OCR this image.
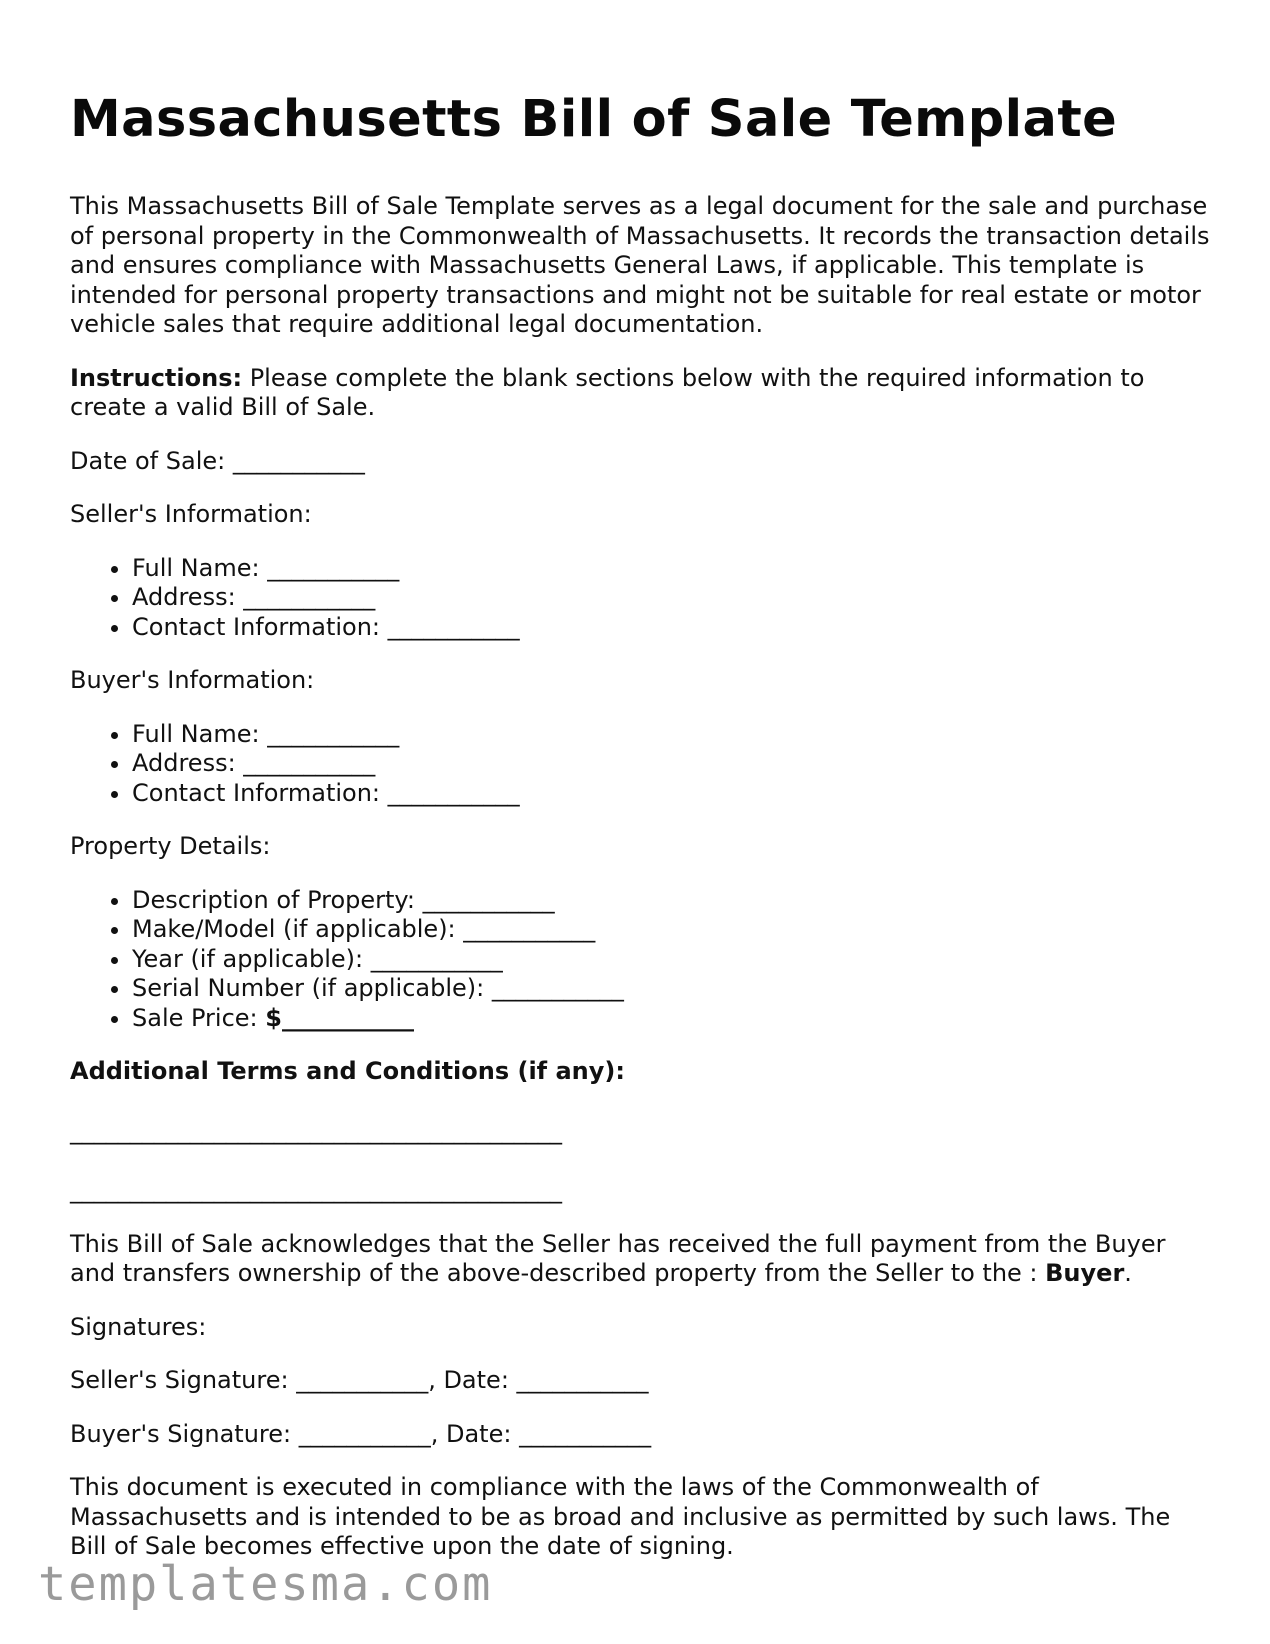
Massachusetts Bill of Sale Template

This Massachusetts Bill of Sale Template serves as a legal document for the sale and purchase of personal property in the Commonwealth of Massachusetts. It records the transaction details and ensures compliance with Massachusetts General Laws, if applicable. This template is intended for personal property transactions and might not be suitable for real estate or motor vehicle sales that require additional legal documentation.

Instructions: Please complete the blank sections below with the required information to create a valid Bill of Sale.

Date of Sale: ___________

Seller's Information:

• Full Name: ___________
• Address: ___________
• Contact Information: ___________

Buyer's Information:

• Full Name: ___________
• Address: ___________
• Contact Information: ___________

Property Details:

• Description of Property: ___________
• Make/Model (if applicable): ___________
• Year (if applicable): ___________
• Serial Number (if applicable): ___________
• Sale Price: $___________

Additional Terms and Conditions (if any):

_________________________________________
_________________________________________

This Bill of Sale acknowledges that the Seller has received the full payment from the Buyer and transfers ownership of the above-described property from the Seller to the : Buyer.

Signatures:

Seller's Signature: ___________, Date: ___________

Buyer's Signature: ___________, Date: ___________

This document is executed in compliance with the laws of the Commonwealth of Massachusetts and is intended to be as broad and inclusive as permitted by such laws. The Bill of Sale becomes effective upon the date of signing.

templatesma.com
